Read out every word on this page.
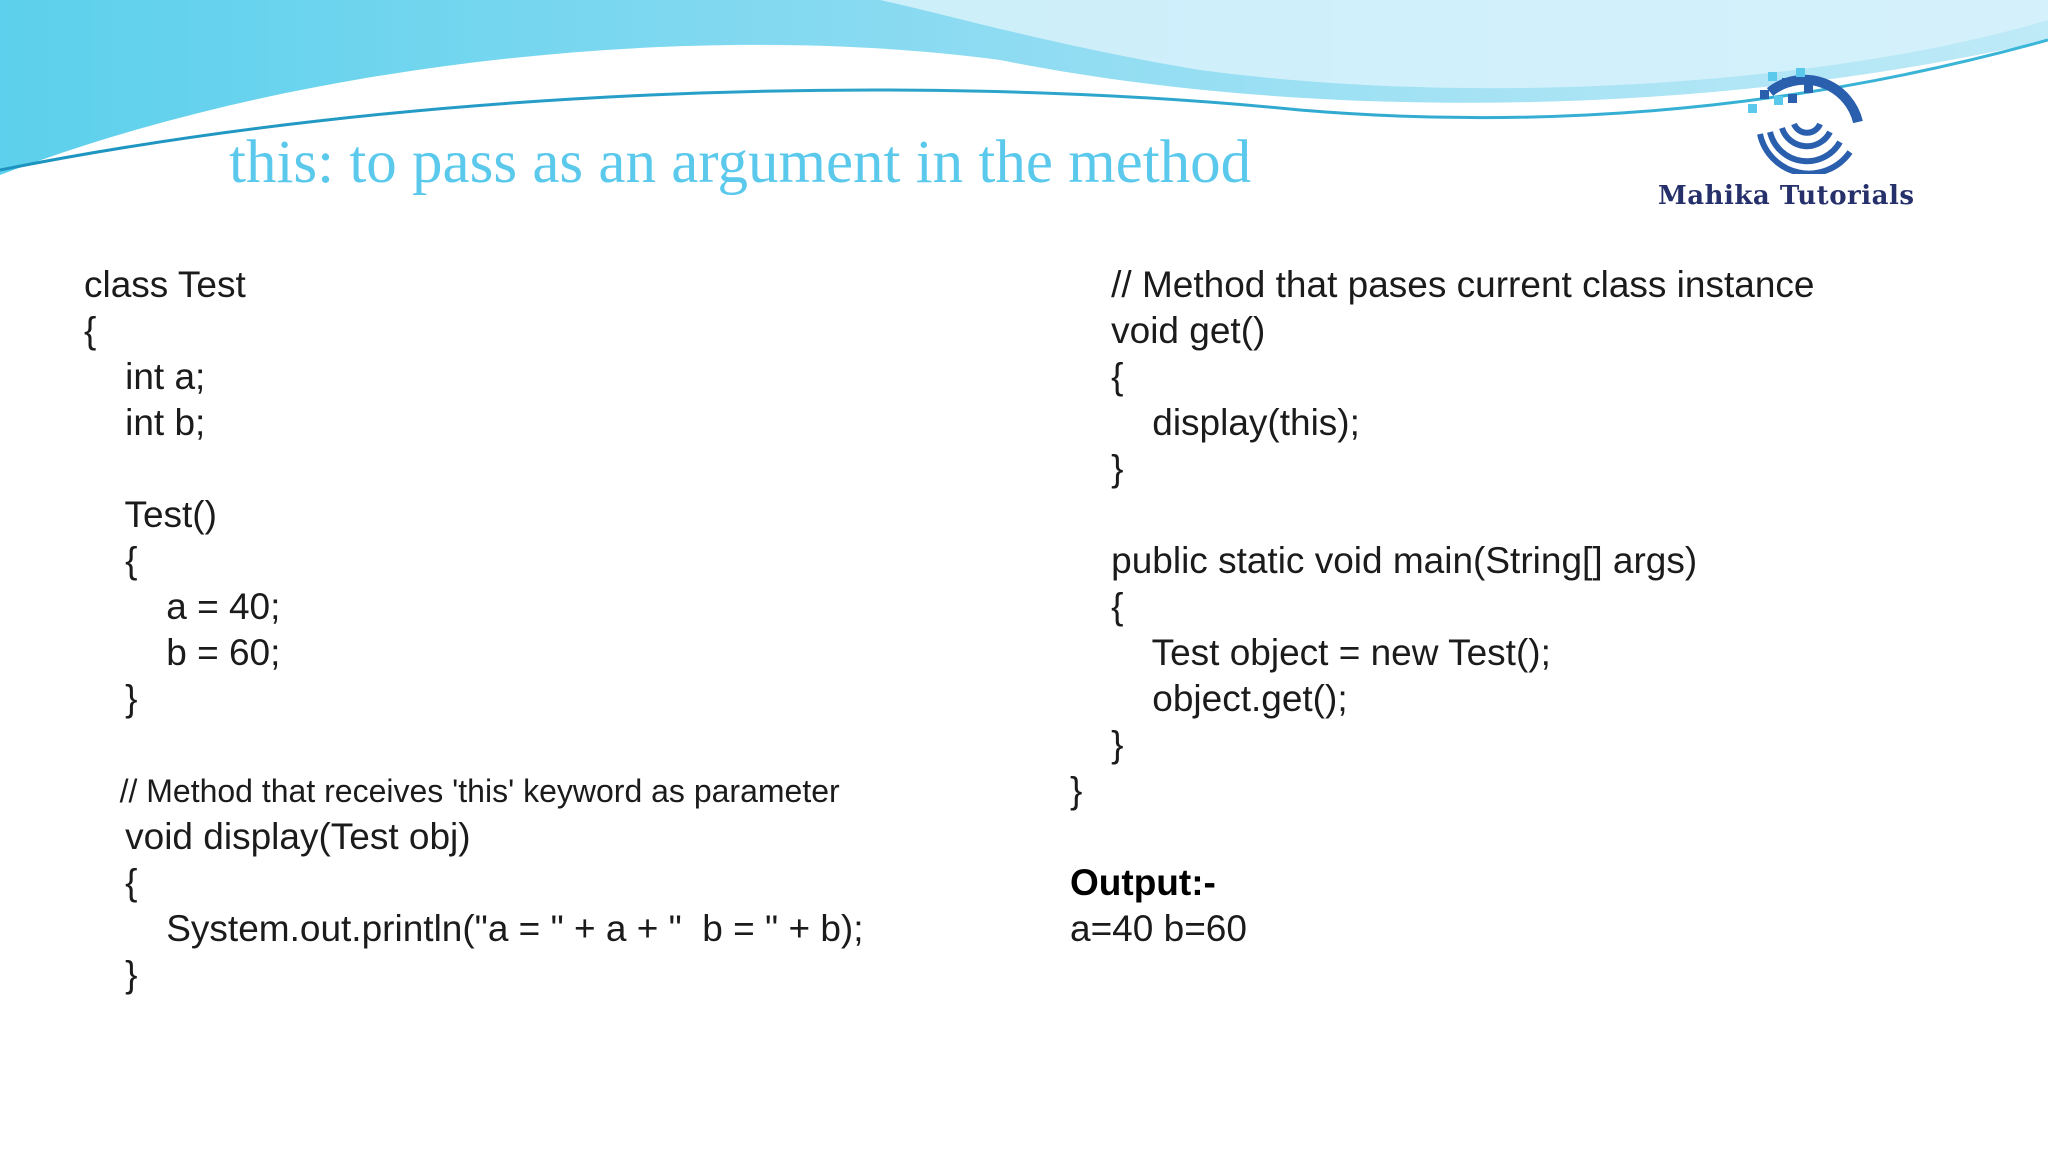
this: to pass as an argument in the method	Mahika Tutorials
class Test
{
int a;
int b;
Test()
{
a = 40;
b = 60;
}
// Method that receives 'this' keyword as parameter
void display(Test obj)
{
System.out.println("a = " + a + "  b = " + b);
}
// Method that pases current class instance
void get()
{
display(this);
}
public static void main(String[] args)
{
Test object = new Test();
object.get();
}
}
Output:-
a=40 b=60
